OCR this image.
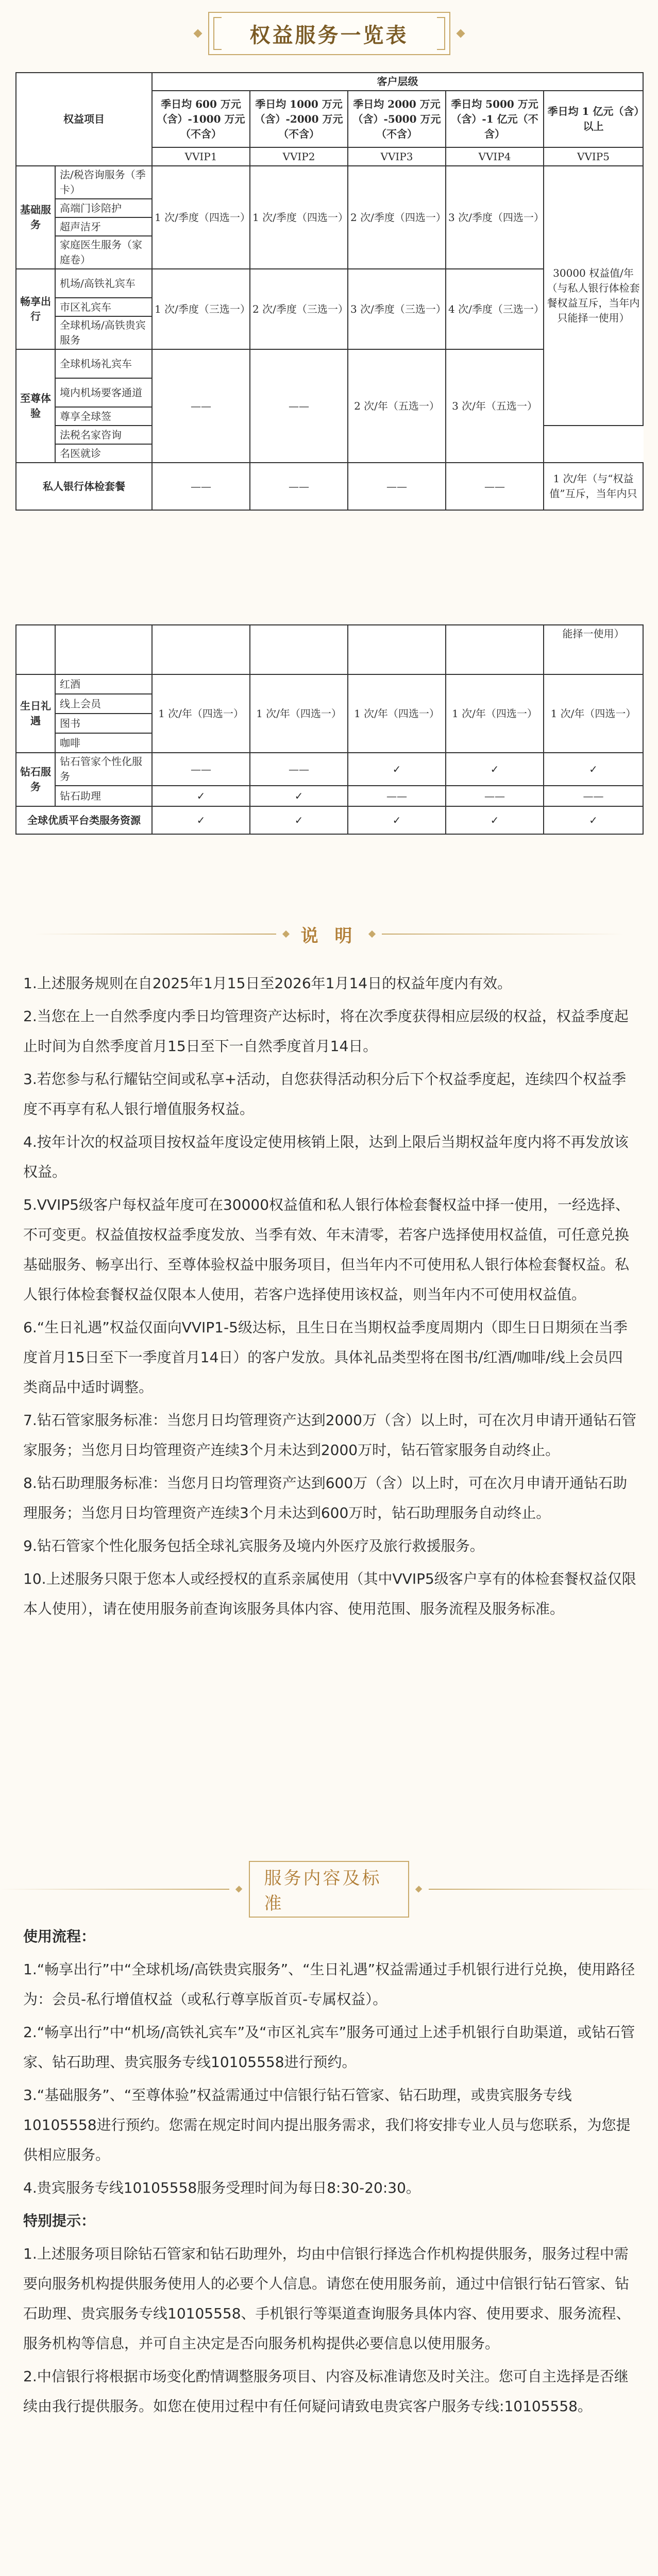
权益服务一览表
权益项目		客户层级				
		季日均 600 万元（含）-1000 万元（不含）	季日均 1000 万元（含）-2000 万元（不含）	季日均 2000 万元（含）-5000 万元（不含）	季日均 5000 万元（含）-1 亿元（不含）	季日均 1 亿元（含）以上
		VVIP1	VVIP2	VVIP3	VVIP4	VVIP5
基础服务	法/税咨询服务（季卡）	1 次/季度（四选一）	1 次/季度（四选一）	2 次/季度（四选一）	3 次/季度（四选一）	30000 权益值/年（与私人银行体检套餐权益互斥，当年内只能择一使用）
	高端门诊陪护					
	超声洁牙					
	家庭医生服务（家庭卷）					
畅享出行	机场/高铁礼宾车	1 次/季度（三选一）	2 次/季度（三选一）	3 次/季度（三选一）	4 次/季度（三选一）	
	市区礼宾车					
	全球机场/高铁贵宾服务					
至尊体验	全球机场礼宾车	——	——	2 次/年（五选一）	3 次/年（五选一）	
	境内机场要客通道					
	尊享全球签					
	法税名家咨询					
	名医就诊					
私人银行体检套餐		——	——	——	——	1 次/年（与“权益值”互斥，当年内只
						能择一使用）
生日礼遇	红酒	1 次/年（四选一）	1 次/年（四选一）	1 次/年（四选一）	1 次/年（四选一）	1 次/年（四选一）
	线上会员					
	图书					
	咖啡					
钻石服务	钻石管家个性化服务	——	——	✓	✓	✓
	钻石助理	✓	✓	——	——	——
全球优质平台类服务资源		✓	✓	✓	✓	✓
说 明

1.上述服务规则在自2025年1月15日至2026年1月14日的权益年度内有效。

2.当您在上一自然季度内季日均管理资产达标时，将在次季度获得相应层级的权益，权益季度起止时间为自然季度首月15日至下一自然季度首月14日。

3.若您参与私行耀钻空间或私享+活动，自您获得活动积分后下个权益季度起，连续四个权益季度不再享有私人银行增值服务权益。

4.按年计次的权益项目按权益年度设定使用核销上限，达到上限后当期权益年度内将不再发放该权益。

5.VVIP5级客户每权益年度可在30000权益值和私人银行体检套餐权益中择一使用，一经选择、不可变更。权益值按权益季度发放、当季有效、年末清零，若客户选择使用权益值，可任意兑换基础服务、畅享出行、至尊体验权益中服务项目，但当年内不可使用私人银行体检套餐权益。私人银行体检套餐权益仅限本人使用，若客户选择使用该权益，则当年内不可使用权益值。

6.“生日礼遇”权益仅面向VVIP1-5级达标，且生日在当期权益季度周期内（即生日日期须在当季度首月15日至下一季度首月14日）的客户发放。具体礼品类型将在图书/红酒/咖啡/线上会员四类商品中适时调整。

7.钻石管家服务标准：当您月日均管理资产达到2000万（含）以上时，可在次月申请开通钻石管家服务；当您月日均管理资产连续3个月未达到2000万时，钻石管家服务自动终止。

8.钻石助理服务标准：当您月日均管理资产达到600万（含）以上时，可在次月申请开通钻石助理服务；当您月日均管理资产连续3个月未达到600万时，钻石助理服务自动终止。

9.钻石管家个性化服务包括全球礼宾服务及境内外医疗及旅行救援服务。

10.上述服务只限于您本人或经授权的直系亲属使用（其中VVIP5级客户享有的体检套餐权益仅限本人使用），请在使用服务前查询该服务具体内容、使用范围、服务流程及服务标准。

服务内容及标准

使用流程：

1.“畅享出行”中“全球机场/高铁贵宾服务”、“生日礼遇”权益需通过手机银行进行兑换，使用路径为：会员-私行增值权益（或私行尊享版首页-专属权益）。

2.“畅享出行”中“机场/高铁礼宾车”及“市区礼宾车”服务可通过上述手机银行自助渠道，或钻石管家、钻石助理、贵宾服务专线10105558进行预约。

3.“基础服务”、“至尊体验”权益需通过中信银行钻石管家、钻石助理，或贵宾服务专线10105558进行预约。您需在规定时间内提出服务需求，我们将安排专业人员与您联系，为您提供相应服务。

4.贵宾服务专线10105558服务受理时间为每日8:30-20:30。

特别提示：

1.上述服务项目除钻石管家和钻石助理外，均由中信银行择选合作机构提供服务，服务过程中需要向服务机构提供服务使用人的必要个人信息。请您在使用服务前，通过中信银行钻石管家、钻石助理、贵宾服务专线10105558、手机银行等渠道查询服务具体内容、使用要求、服务流程、服务机构等信息，并可自主决定是否向服务机构提供必要信息以使用服务。

2.中信银行将根据市场变化酌情调整服务项目、内容及标准请您及时关注。您可自主选择是否继续由我行提供服务。如您在使用过程中有任何疑问请致电贵宾客户服务专线:10105558。
